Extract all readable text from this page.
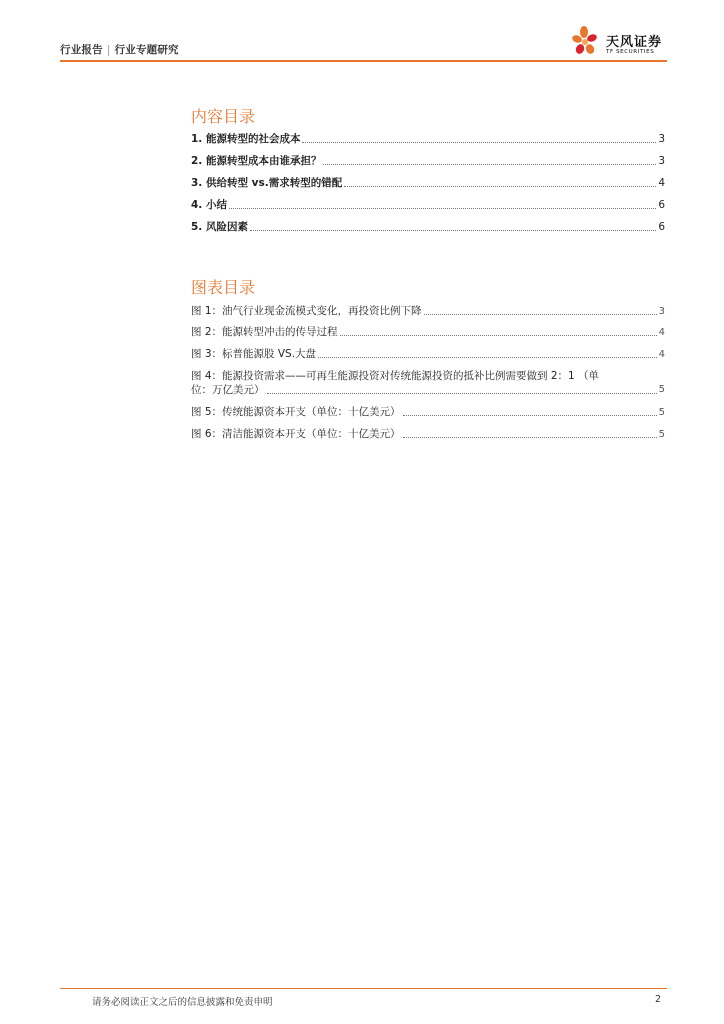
行业报告 | 行业专题研究	天风证券
TF SECURITIES
内容目录
1. 能源转型的社会成本	3
2. 能源转型成本由谁承担？	3
3. 供给转型 vs.需求转型的错配	4
4. 小结	6
5. 风险因素	6
图表目录
图 1：油气行业现金流模式变化，再投资比例下降	3
图 2：能源转型冲击的传导过程	4
图 3：标普能源股 VS.大盘	4
图 4：能源投资需求——可再生能源投资对传统能源投资的抵补比例需要做到 2：1 （单
位：万亿美元）	5
图 5：传统能源资本开支（单位：十亿美元）	5
图 6：清洁能源资本开支（单位：十亿美元）	5
请务必阅读正文之后的信息披露和免责申明	2
